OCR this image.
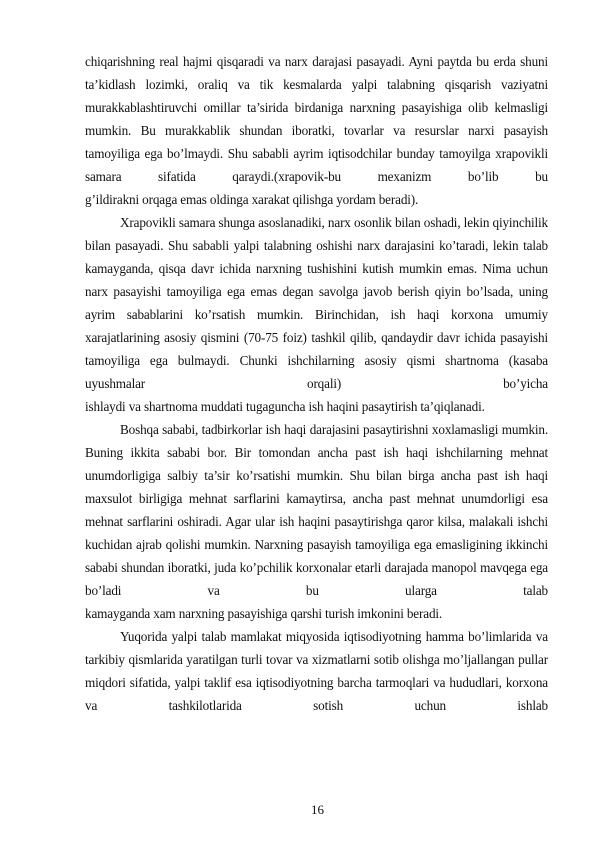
chiqarishning real hajmi qisqaradi va narx darajasi pasayadi. Ayni paytda bu erda shuni ta’kidlash lozimki, oraliq va tik kesmalarda yalpi talabning qisqarish vaziyatni murakkablashtiruvchi omillar ta’sirida birdaniga narxning pasayishiga olib kelmasligi mumkin. Bu murakkablik shundan iboratki, tovarlar va resurslar narxi pasayish tamoyiliga ega bo’lmaydi. Shu sababli ayrim iqtisodchilar bunday tamoyilga xrapovikli samara sifatida qaraydi.(xrapovik-bu mexanizm bo’lib bu

g’ildirakni orqaga emas oldinga xarakat qilishga yordam beradi).

Xrapovikli samara shunga asoslanadiki, narx osonlik bilan oshadi, lekin qiyinchilik bilan pasayadi. Shu sababli yalpi talabning oshishi narx darajasini ko’taradi, lekin talab kamayganda, qisqa davr ichida narxning tushishini kutish mumkin emas. Nima uchun narx pasayishi tamoyiliga ega emas degan savolga javob berish qiyin bo’lsada, uning ayrim sabablarini ko’rsatish mumkin. Birinchidan, ish haqi korxona umumiy xarajatlarining asosiy qismini (70-75 foiz) tashkil qilib, qandaydir davr ichida pasayishi tamoyiliga ega bulmaydi. Chunki ishchilarning asosiy qismi shartnoma (kasaba uyushmalar orqali) bo’yicha

ishlaydi va shartnoma muddati tugaguncha ish haqini pasaytirish ta’qiqlanadi.

Boshqa sababi, tadbirkorlar ish haqi darajasini pasaytirishni xoxlamasligi mumkin. Buning ikkita sababi bor. Bir tomondan ancha past ish haqi ishchilarning mehnat unumdorligiga salbiy ta’sir ko’rsatishi mumkin. Shu bilan birga ancha past ish haqi maxsulot birligiga mehnat sarflarini kamaytirsa, ancha past mehnat unumdorligi esa mehnat sarflarini oshiradi. Agar ular ish haqini pasaytirishga qaror kilsa, malakali ishchi kuchidan ajrab qolishi mumkin. Narxning pasayish tamoyiliga ega emasligining ikkinchi sababi shundan iboratki, juda ko’pchilik korxonalar etarli darajada manopol mavqega ega bo’ladi va bu ularga talab

kamayganda xam narxning pasayishiga qarshi turish imkonini beradi.

Yuqorida yalpi talab mamlakat miqyosida iqtisodiyotning hamma bo’limlarida va tarkibiy qismlarida yaratilgan turli tovar va xizmatlarni sotib olishga mo’ljallangan pullar miqdori sifatida, yalpi taklif esa iqtisodiyotning barcha tarmoqlari va hududlari, korxona va tashkilotlarida sotish uchun ishlab

16
